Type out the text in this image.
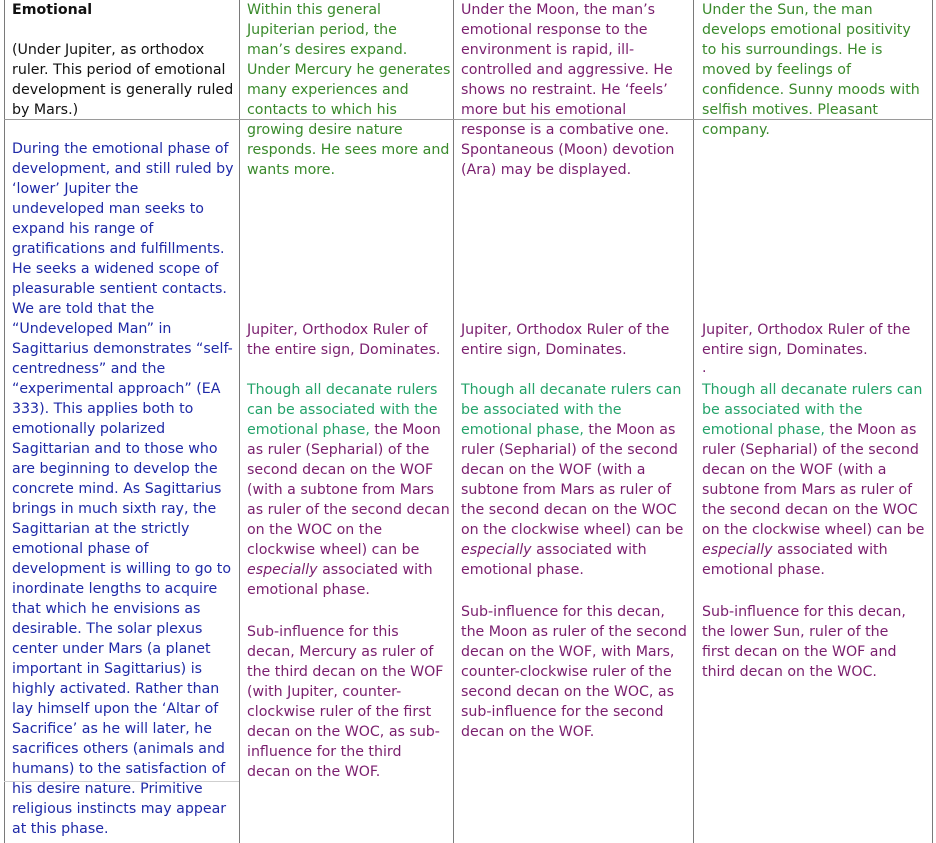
Emotional

(Under Jupiter, as orthodox
ruler. This period of emotional
development is generally ruled
by Mars.)

During the emotional phase of
development, and still ruled by
‘lower’ Jupiter the
undeveloped man seeks to
expand his range of
gratifications and fulfillments.
He seeks a widened scope of
pleasurable sentient contacts.
We are told that the
“Undeveloped Man” in
Sagittarius demonstrates “self-
centredness” and the
“experimental approach” (EA
333). This applies both to
emotionally polarized
Sagittarian and to those who
are beginning to develop the
concrete mind. As Sagittarius
brings in much sixth ray, the
Sagittarian at the strictly
emotional phase of
development is willing to go to
inordinate lengths to acquire
that which he envisions as
desirable. The solar plexus
center under Mars (a planet
important in Sagittarius) is
highly activated. Rather than
lay himself upon the ‘Altar of
Sacrifice’ as he will later, he
sacrifices others (animals and
humans) to the satisfaction of
his desire nature. Primitive
religious instincts may appear
at this phase.

Within this general
Jupiterian period, the
man’s desires expand.
Under Mercury he generates
many experiences and
contacts to which his
growing desire nature
responds. He sees more and
wants more.

Jupiter, Orthodox Ruler of
the entire sign, Dominates.

Though all decanate rulers
can be associated with the
emotional phase, the Moon
as ruler (Sepharial) of the
second decan on the WOF
(with a subtone from Mars
as ruler of the second decan
on the WOC on the
clockwise wheel) can be
especially associated with
emotional phase.

Sub-influence for this
decan, Mercury as ruler of
the third decan on the WOF
(with Jupiter, counter-
clockwise ruler of the first
decan on the WOC, as sub-
influence for the third
decan on the WOF.

Under the Moon, the man’s
emotional response to the
environment is rapid, ill-
controlled and aggressive. He
shows no restraint. He ‘feels’
more but his emotional
response is a combative one.
Spontaneous (Moon) devotion
(Ara) may be displayed.

Jupiter, Orthodox Ruler of the
entire sign, Dominates.

Though all decanate rulers can
be associated with the
emotional phase, the Moon as
ruler (Sepharial) of the second
decan on the WOF (with a
subtone from Mars as ruler of
the second decan on the WOC
on the clockwise wheel) can be
especially associated with
emotional phase.

Sub-influence for this decan,
the Moon as ruler of the second
decan on the WOF, with Mars,
counter-clockwise ruler of the
second decan on the WOC, as
sub-influence for the second
decan on the WOF.

Under the Sun, the man
develops emotional positivity
to his surroundings. He is
moved by feelings of
confidence. Sunny moods with
selfish motives. Pleasant
company.

Jupiter, Orthodox Ruler of the
entire sign, Dominates.

.

Though all decanate rulers can
be associated with the
emotional phase, the Moon as
ruler (Sepharial) of the second
decan on the WOF (with a
subtone from Mars as ruler of
the second decan on the WOC
on the clockwise wheel) can be
especially associated with
emotional phase.

Sub-influence for this decan,
the lower Sun, ruler of the
first decan on the WOF and
third decan on the WOC.
